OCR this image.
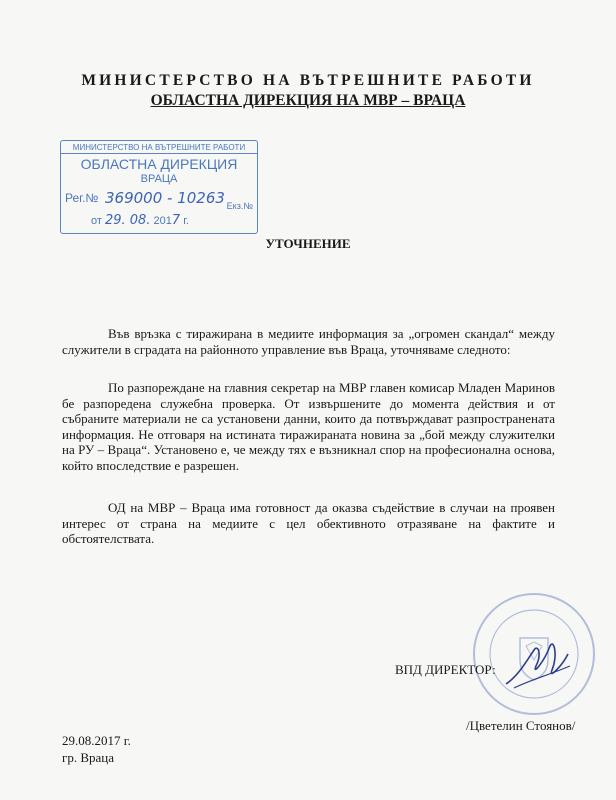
МИНИСТЕРСТВО НА ВЪТРЕШНИТЕ РАБОТИ
ОБЛАСТНА ДИРЕКЦИЯ НА МВР – ВРАЦА
МИНИСТЕРСТВО НА ВЪТРЕШНИТЕ РАБОТИ
ОБЛАСТНА ДИРЕКЦИЯ
ВРАЦА
Рег.№ 369000 - 10263 Екз.№
от 29. 08. 2017 г.
УТОЧНЕНИЕ
Във връзка с тиражирана в медиите информация за „огромен скандал“ между служители в сградата на районното управление във Враца, уточняваме следното:
По разпореждане на главния секретар на МВР главен комисар Младен Маринов бе разпоредена служебна проверка. От извършените до момента действия и от събраните материали не са установени данни, които да потвърждават разпространената информация. Не отговаря на истината тиражираната новина за „бой между служителки на РУ – Враца“. Установено е, че между тях е възникнал спор на професионална основа, който впоследствие е разрешен.
ОД на МВР – Враца има готовност да оказва съдействие в случаи на проявен интерес от страна на медиите с цел обективното отразяване на фактите и обстоятелствата.
ВПД ДИРЕКТОР:
/Цветелин Стоянов/
29.08.2017 г.
гр. Враца
